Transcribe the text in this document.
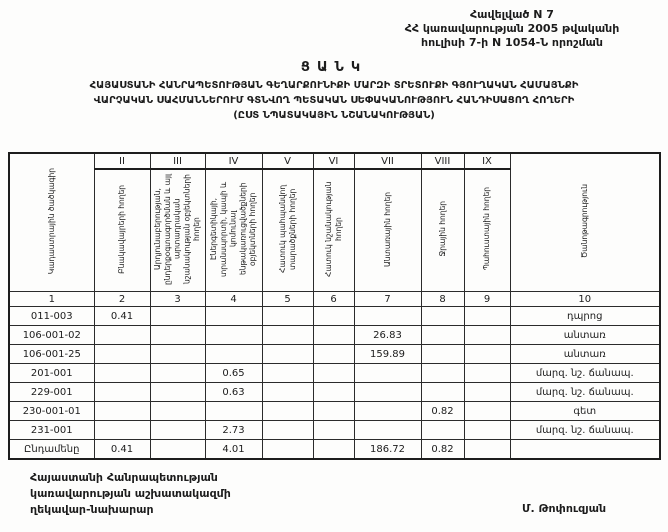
Հավելված N 7
ՀՀ կառավարության 2005 թվականի
հուլիսի 7-ի N 1054-Ն որոշման
ՑԱՆԿ
ՀԱՅԱՍՏԱՆԻ ՀԱՆՐԱՊԵՏՈՒԹՅԱՆ ԳԵՂԱՐՔՈՒՆԻՔԻ ՄԱՐԶԻ ՏՐԵՏՈՒՔԻ ԳՅՈՒՂԱԿԱՆ ՀԱՄԱՅՆՔԻ
ՎԱՐՉԱԿԱՆ ՍԱՀՄԱՆՆԵՐՈՒՄ ԳՏՆՎՈՂ ՊԵՏԱԿԱՆ ՍԵՓԱԿԱՆՈՒԹՅՈՒՆ ՀԱՆԴԻՍԱՑՈՂ ՀՈՂԵՐԻ
(ԸՍՏ ՆՊԱՏԱԿԱՅԻՆ ՆՇԱՆԱԿՈՒԹՅԱՆ)
Կադաստրային ծածկագիր	II	III	IV	V	VI	VII	VIII	IX	Ծանոթագրություն
	Բնակավայրերի հողեր	Արդյունաբերության, ընդերքօգտագործման և այլ արտադրական նշանակության օբյեկտների հողեր	Էներգետիկայի, տրանսպորտի, կապի և կոմունալ ենթակառուցվածքների օբյեկտների հողեր	Հատուկ պահպանվող տարածքների հողեր	Հատուկ նշանակության հողեր	Անտառային հողեր	Ջրային հողեր	Պահուստային հողեր	
1	2	3	4	5	6	7	8	9	10
011-003	0.41								դպրոց
106-001-02						26.83			անտառ
106-001-25						159.89			անտառ
201-001			0.65						մարզ. նշ. ճանապ.
229-001			0.63						մարզ. նշ. ճանապ.
230-001-01							0.82		գետ
231-001			2.73						մարզ. նշ. ճանապ.
Ընդամենը	0.41		4.01			186.72	0.82		
Հայաստանի Հանրապետության
կառավարության աշխատակազմի
ղեկավար-նախարար	Մ. Թոփուզյան
